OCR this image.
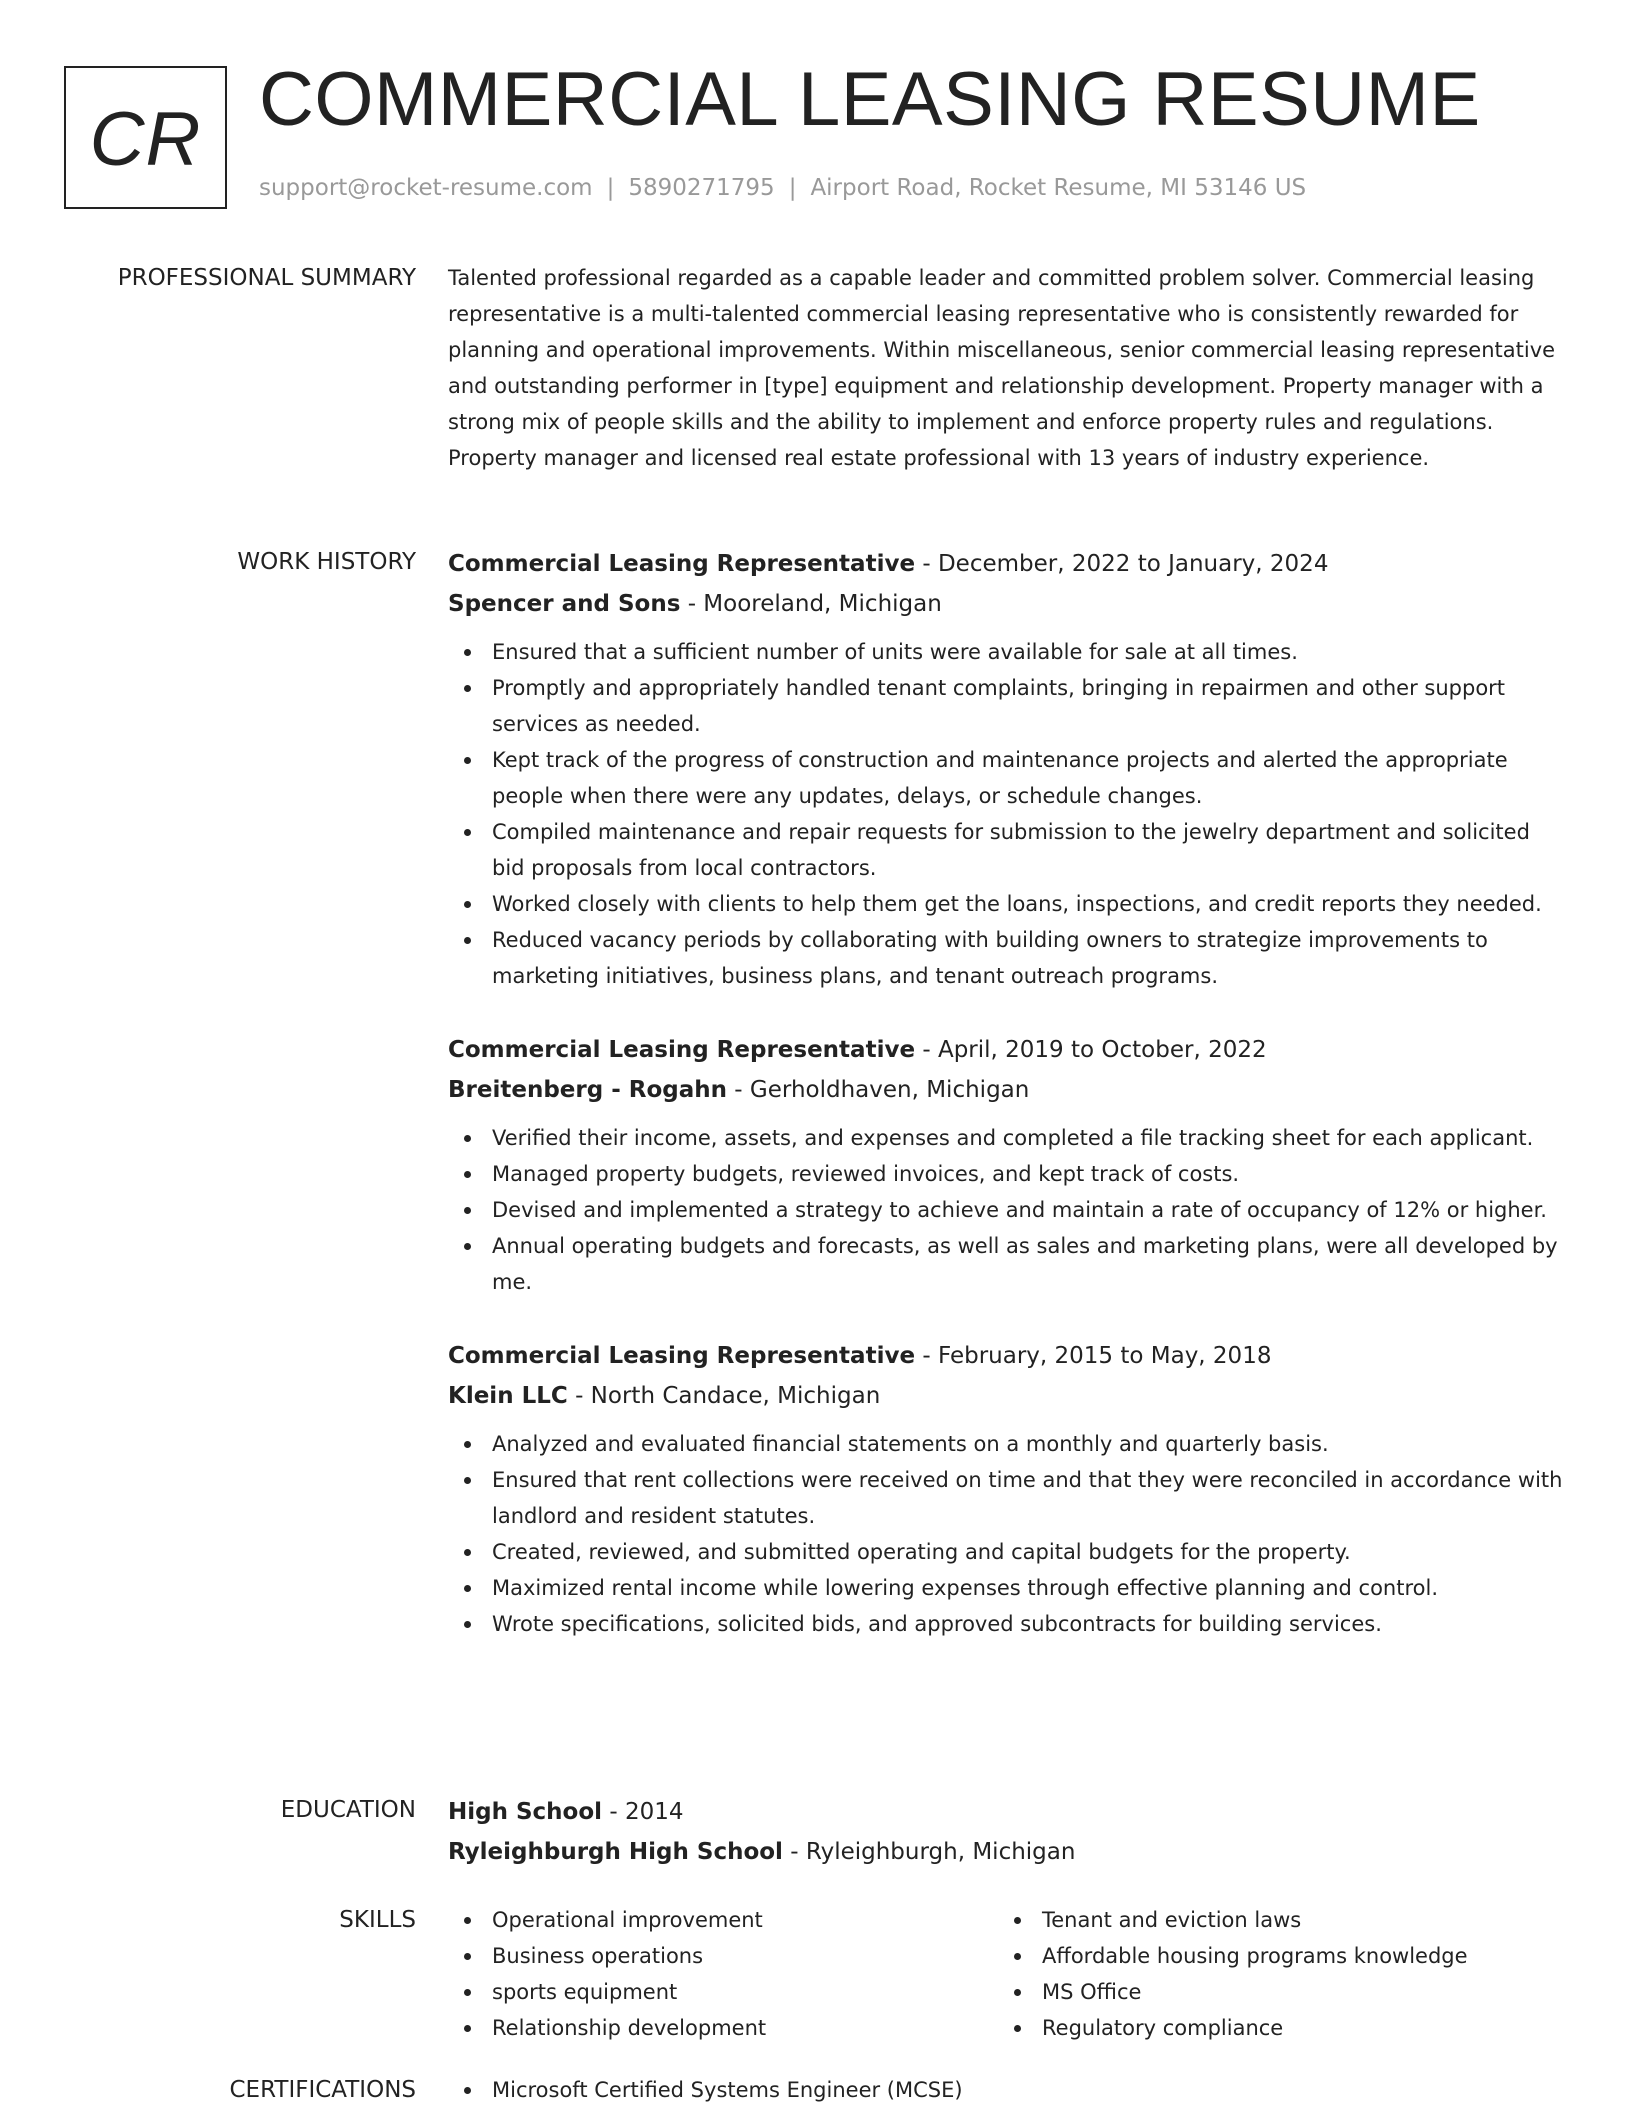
CR COMMERCIAL LEASING RESUME
support@rocket-resume.com | 5890271795 | Airport Road, Rocket Resume, MI 53146 US
PROFESSIONAL SUMMARY Talented professional regarded as a capable leader and committed problem solver. Commercial leasing representative is a multi-talented commercial leasing representative who is consistently rewarded for planning and operational improvements. Within miscellaneous, senior commercial leasing representative and outstanding performer in [type] equipment and relationship development. Property manager with a strong mix of people skills and the ability to implement and enforce property rules and regulations. Property manager and licensed real estate professional with 13 years of industry experience.

WORK HISTORY Commercial Leasing Representative - December, 2022 to January, 2024
Spencer and Sons - Mooreland, Michigan
Ensured that a sufficient number of units were available for sale at all times.
Promptly and appropriately handled tenant complaints, bringing in repairmen and other support services as needed.
Kept track of the progress of construction and maintenance projects and alerted the appropriate people when there were any updates, delays, or schedule changes.
Compiled maintenance and repair requests for submission to the jewelry department and solicited bid proposals from local contractors.
Worked closely with clients to help them get the loans, inspections, and credit reports they needed.
Reduced vacancy periods by collaborating with building owners to strategize improvements to marketing initiatives, business plans, and tenant outreach programs.
Commercial Leasing Representative - April, 2019 to October, 2022
Breitenberg - Rogahn - Gerholdhaven, Michigan
Verified their income, assets, and expenses and completed a file tracking sheet for each applicant.
Managed property budgets, reviewed invoices, and kept track of costs.
Devised and implemented a strategy to achieve and maintain a rate of occupancy of 12% or higher.
Annual operating budgets and forecasts, as well as sales and marketing plans, were all developed by me.
Commercial Leasing Representative - February, 2015 to May, 2018
Klein LLC - North Candace, Michigan
Analyzed and evaluated financial statements on a monthly and quarterly basis.
Ensured that rent collections were received on time and that they were reconciled in accordance with landlord and resident statutes.
Created, reviewed, and submitted operating and capital budgets for the property.
Maximized rental income while lowering expenses through effective planning and control.
Wrote specifications, solicited bids, and approved subcontracts for building services.
EDUCATION High School - 2014
Ryleighburgh High School - Ryleighburgh, Michigan
SKILLS	Operational improvement
Business operations
sports equipment
Relationship development
Tenant and eviction laws
Affordable housing programs knowledge
MS Office
Regulatory compliance
CERTIFICATIONS	Microsoft Certified Systems Engineer (MCSE)
